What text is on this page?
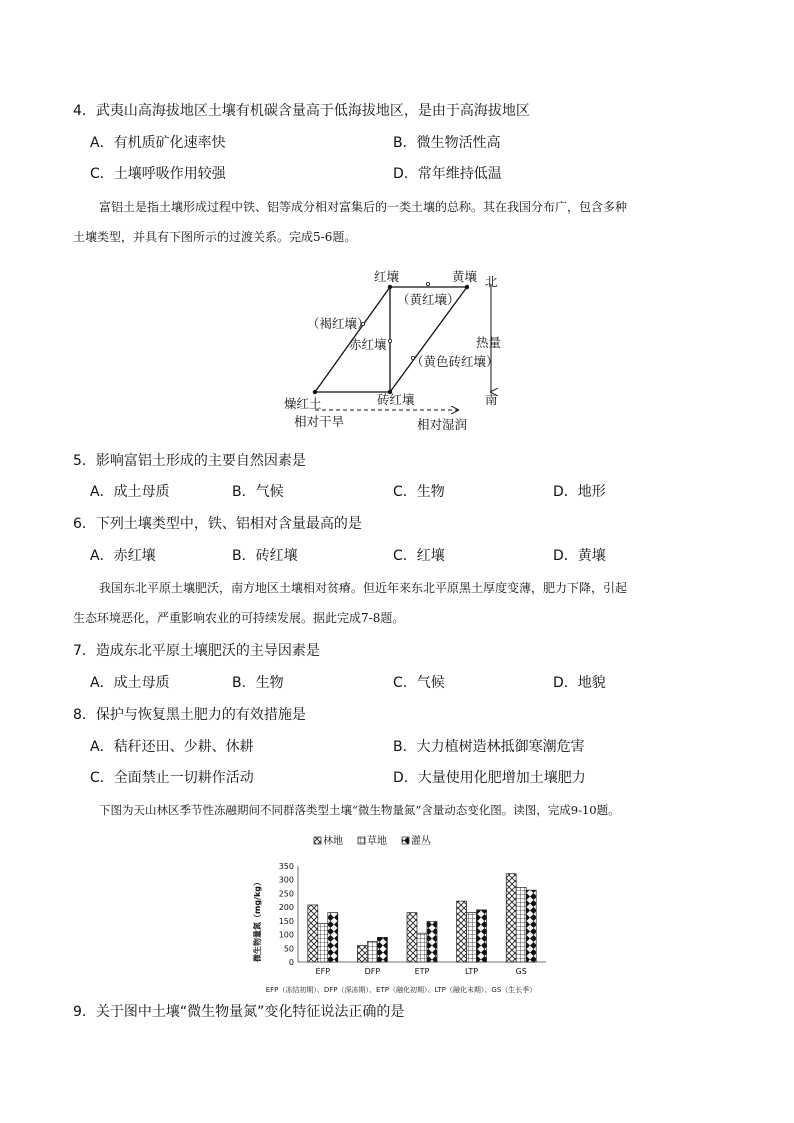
4．武夷山高海拔地区土壤有机碳含量高于低海拔地区，是由于高海拔地区
A．有机质矿化速率快	B．微生物活性高
C．土壤呼吸作用较强	D．常年维持低温

富铝土是指土壤形成过程中铁、铝等成分相对富集后的一类土壤的总称。其在我国分布广，包含多种

土壤类型，并具有下图所示的过渡关系。完成5-6题。

红壤	黄壤 北
（黄红壤）
（褐红壤）
赤红壤	热量
（黄色砖红壤）
燥红土	砖红壤	南
相对干旱	相对湿润
5．影响富铝土形成的主要自然因素是
A．成土母质	B．气候	C．生物	D．地形
6．下列土壤类型中，铁、铝相对含量最高的是
A．赤红壤	B．砖红壤	C．红壤	D．黄壤

我国东北平原土壤肥沃，南方地区土壤相对贫瘠。但近年来东北平原黑土厚度变薄，肥力下降，引起

生态环境恶化，严重影响农业的可持续发展。据此完成7-8题。

7．造成东北平原土壤肥沃的主导因素是
A．成土母质	B．生物	C．气候	D．地貌
8．保护与恢复黑土肥力的有效措施是
A．秸秆还田、少耕、休耕	B．大力植树造林抵御寒潮危害
C．全面禁止一切耕作活动	D．大量使用化肥增加土壤肥力

下图为天山林区季节性冻融期间不同群落类型土壤“微生物量氮”含量动态变化图。读图，完成9-10题。

林地 草地 灌丛
微生物量氮（mg/kg）
0
50
100
150
200
250
300
350
EFP	DFP	ETP	LTP	GS
EFP（冻结初期）、DFP（深冻期）、ETP（融化初期）、LTP（融化末期）、GS（生长季）
9．关于图中土壤“微生物量氮”变化特征说法正确的是
